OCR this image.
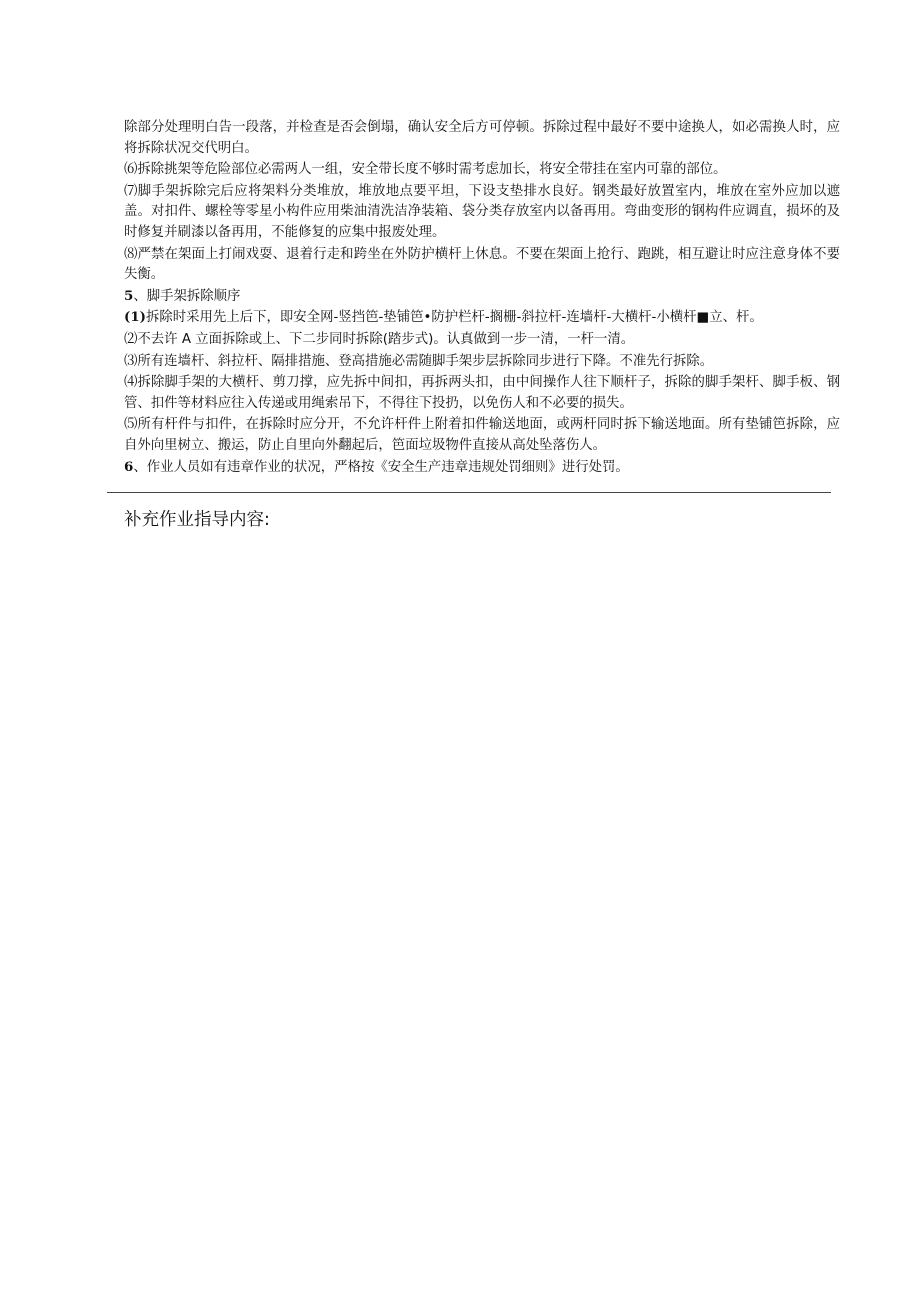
除部分处理明白告一段落，并检查是否会倒塌，确认安全后方可停顿。拆除过程中最好不要中途换人，如必需换人时，应将拆除状况交代明白。

⑹拆除挑架等危险部位必需两人一组，安全带长度不够时需考虑加长，将安全带挂在室内可靠的部位。

⑺脚手架拆除完后应将架料分类堆放，堆放地点要平坦，下设支垫排水良好。钢类最好放置室内，堆放在室外应加以遮盖。对扣件、螺栓等零星小构件应用柴油清洗洁净装箱、袋分类存放室内以备再用。弯曲变形的钢构件应调直，损坏的及时修复并刷漆以备再用，不能修复的应集中报废处理。

⑻严禁在架面上打闹戏耍、退着行走和跨坐在外防护横杆上休息。不要在架面上抢行、跑跳，相互避让时应注意身体不要失衡。

5、脚手架拆除顺序

(1)拆除时采用先上后下，即安全网-竖挡笆-垫铺笆•防护栏杆-搁栅-斜拉杆-连墙杆-大横杆-小横杆■立、杆。

⑵不去许 A 立面拆除或上、下二步同时拆除(踏步式)。认真做到一步一清，一杆一清。

⑶所有连墙杆、斜拉杆、隔排措施、登高措施必需随脚手架步层拆除同步进行下降。不准先行拆除。

⑷拆除脚手架的大横杆、剪刀撑，应先拆中间扣，再拆两头扣，由中间操作人往下顺杆子，拆除的脚手架杆、脚手板、钢管、扣件等材料应往入传递或用绳索吊下，不得往下投扔，以免伤人和不必要的损失。

⑸所有杆件与扣件，在拆除时应分开，不允许杆件上附着扣件输送地面，或两杆同时拆下输送地面。所有垫铺笆拆除，应自外向里树立、搬运，防止自里向外翻起后，笆面垃圾物件直接从高处坠落伤人。

6、作业人员如有违章作业的状况，严格按《安全生产违章违规处罚细则》进行处罚。

补充作业指导内容:
